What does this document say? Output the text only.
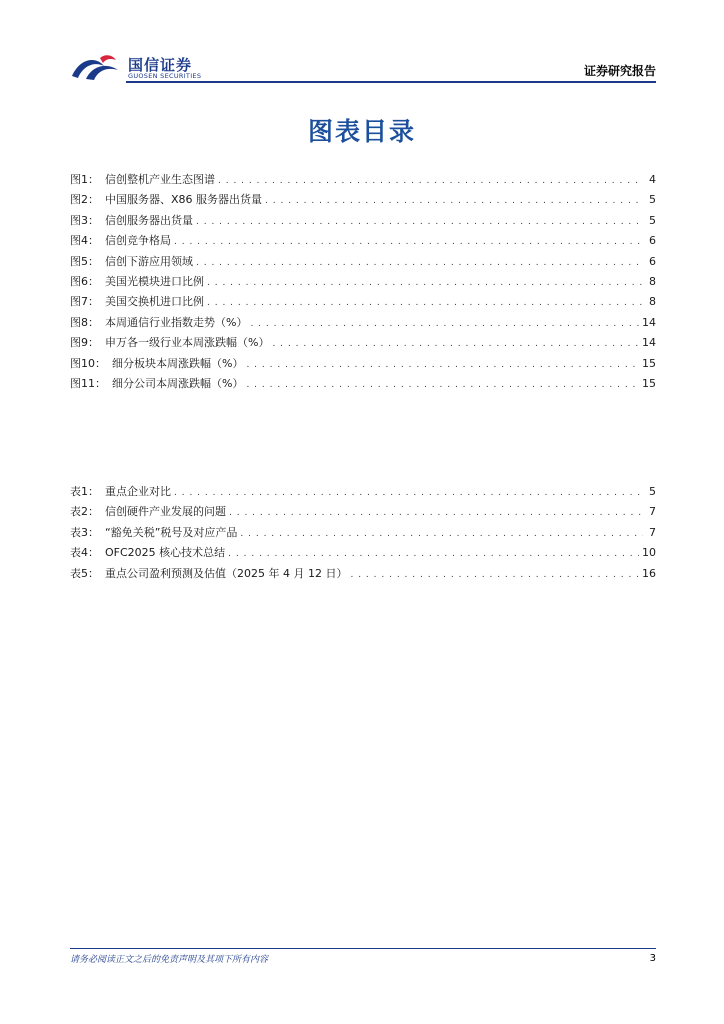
国信证券
GUOSEN SECURITIES	证券研究报告
图表目录
图1： 信创整机产业生态图谱 . . .	4
图2： 中国服务器、X86 服务器出货量 . . .	5
图3： 信创服务器出货量 . . .	5
图4： 信创竞争格局 . . .	6
图5： 信创下游应用领域 . . .	6
图6： 美国光模块进口比例 . . .	8
图7： 美国交换机进口比例 . . .	8
图8： 本周通信行业指数走势（%） . . .	14
图9： 申万各一级行业本周涨跌幅（%） . . .	14
图10： 细分板块本周涨跌幅（%） . . .	15
图11： 细分公司本周涨跌幅（%） . . .	15
表1： 重点企业对比 . . .	5
表2： 信创硬件产业发展的问题 . . .	7
表3： “豁免关税”税号及对应产品 . . .	7
表4： OFC2025 核心技术总结 . . .	10
表5： 重点公司盈利预测及估值（2025 年 4 月 12 日） . . .	16
请务必阅读正文之后的免责声明及其项下所有内容	3
